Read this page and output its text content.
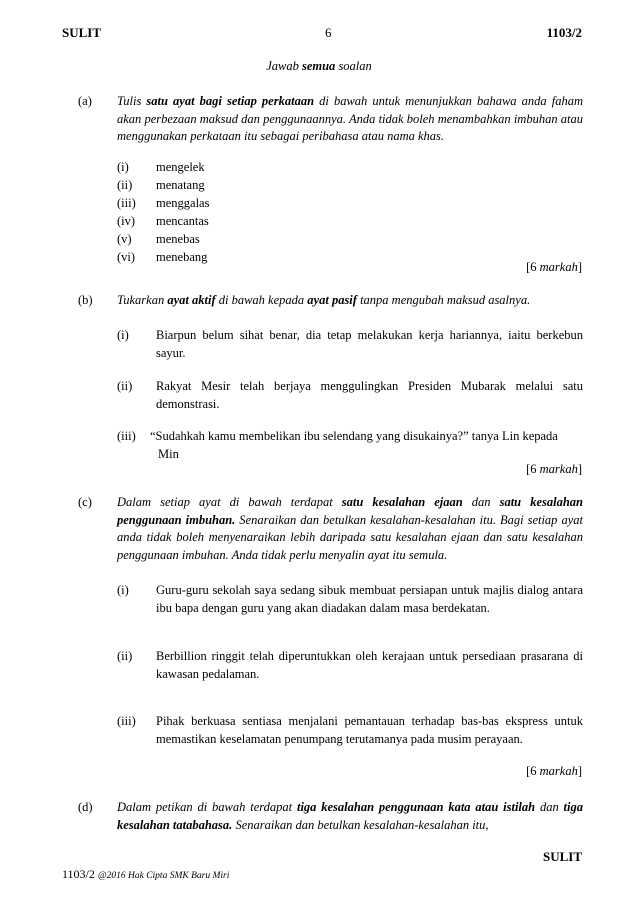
SULIT	6	1103/2
Jawab semua soalan
(a) Tulis satu ayat bagi setiap perkataan di bawah untuk menunjukkan bahawa anda faham akan perbezaan maksud dan penggunaannya. Anda tidak boleh menambahkan imbuhan atau menggunakan perkataan itu sebagai peribahasa atau nama khas.
(i) mengelek
(ii) menatang
(iii) menggalas
(iv) mencantas
(v) menebas
(vi) menebang
[6 markah]
(b) Tukarkan ayat aktif di bawah kepada ayat pasif tanpa mengubah maksud asalnya.
(i) Biarpun belum sihat benar, dia tetap melakukan kerja hariannya, iaitu berkebun sayur.
(ii) Rakyat Mesir telah berjaya menggulingkan Presiden Mubarak melalui satu demonstrasi.
(iii) “Sudahkah kamu membelikan ibu selendang yang disukainya?” tanya Lin kepada
Min
[6 markah]
(c) Dalam setiap ayat di bawah terdapat satu kesalahan ejaan dan satu kesalahan penggunaan imbuhan. Senaraikan dan betulkan kesalahan-kesalahan itu. Bagi setiap ayat anda tidak boleh menyenaraikan lebih daripada satu kesalahan ejaan dan satu kesalahan penggunaan imbuhan. Anda tidak perlu menyalin ayat itu semula.
(i) Guru-guru sekolah saya sedang sibuk membuat persiapan untuk majlis dialog antara ibu bapa dengan guru yang akan diadakan dalam masa berdekatan.
(ii) Berbillion ringgit telah diperuntukkan oleh kerajaan untuk persediaan prasarana di kawasan pedalaman.
(iii) Pihak berkuasa sentiasa menjalani pemantauan terhadap bas-bas ekspress untuk memastikan keselamatan penumpang terutamanya pada musim perayaan.
[6 markah]
(d) Dalam petikan di bawah terdapat tiga kesalahan penggunaan kata atau istilah dan tiga kesalahan tatabahasa. Senaraikan dan betulkan kesalahan-kesalahan itu,
SULIT
1103/2 @2016 Hak Cipta SMK Baru Miri
